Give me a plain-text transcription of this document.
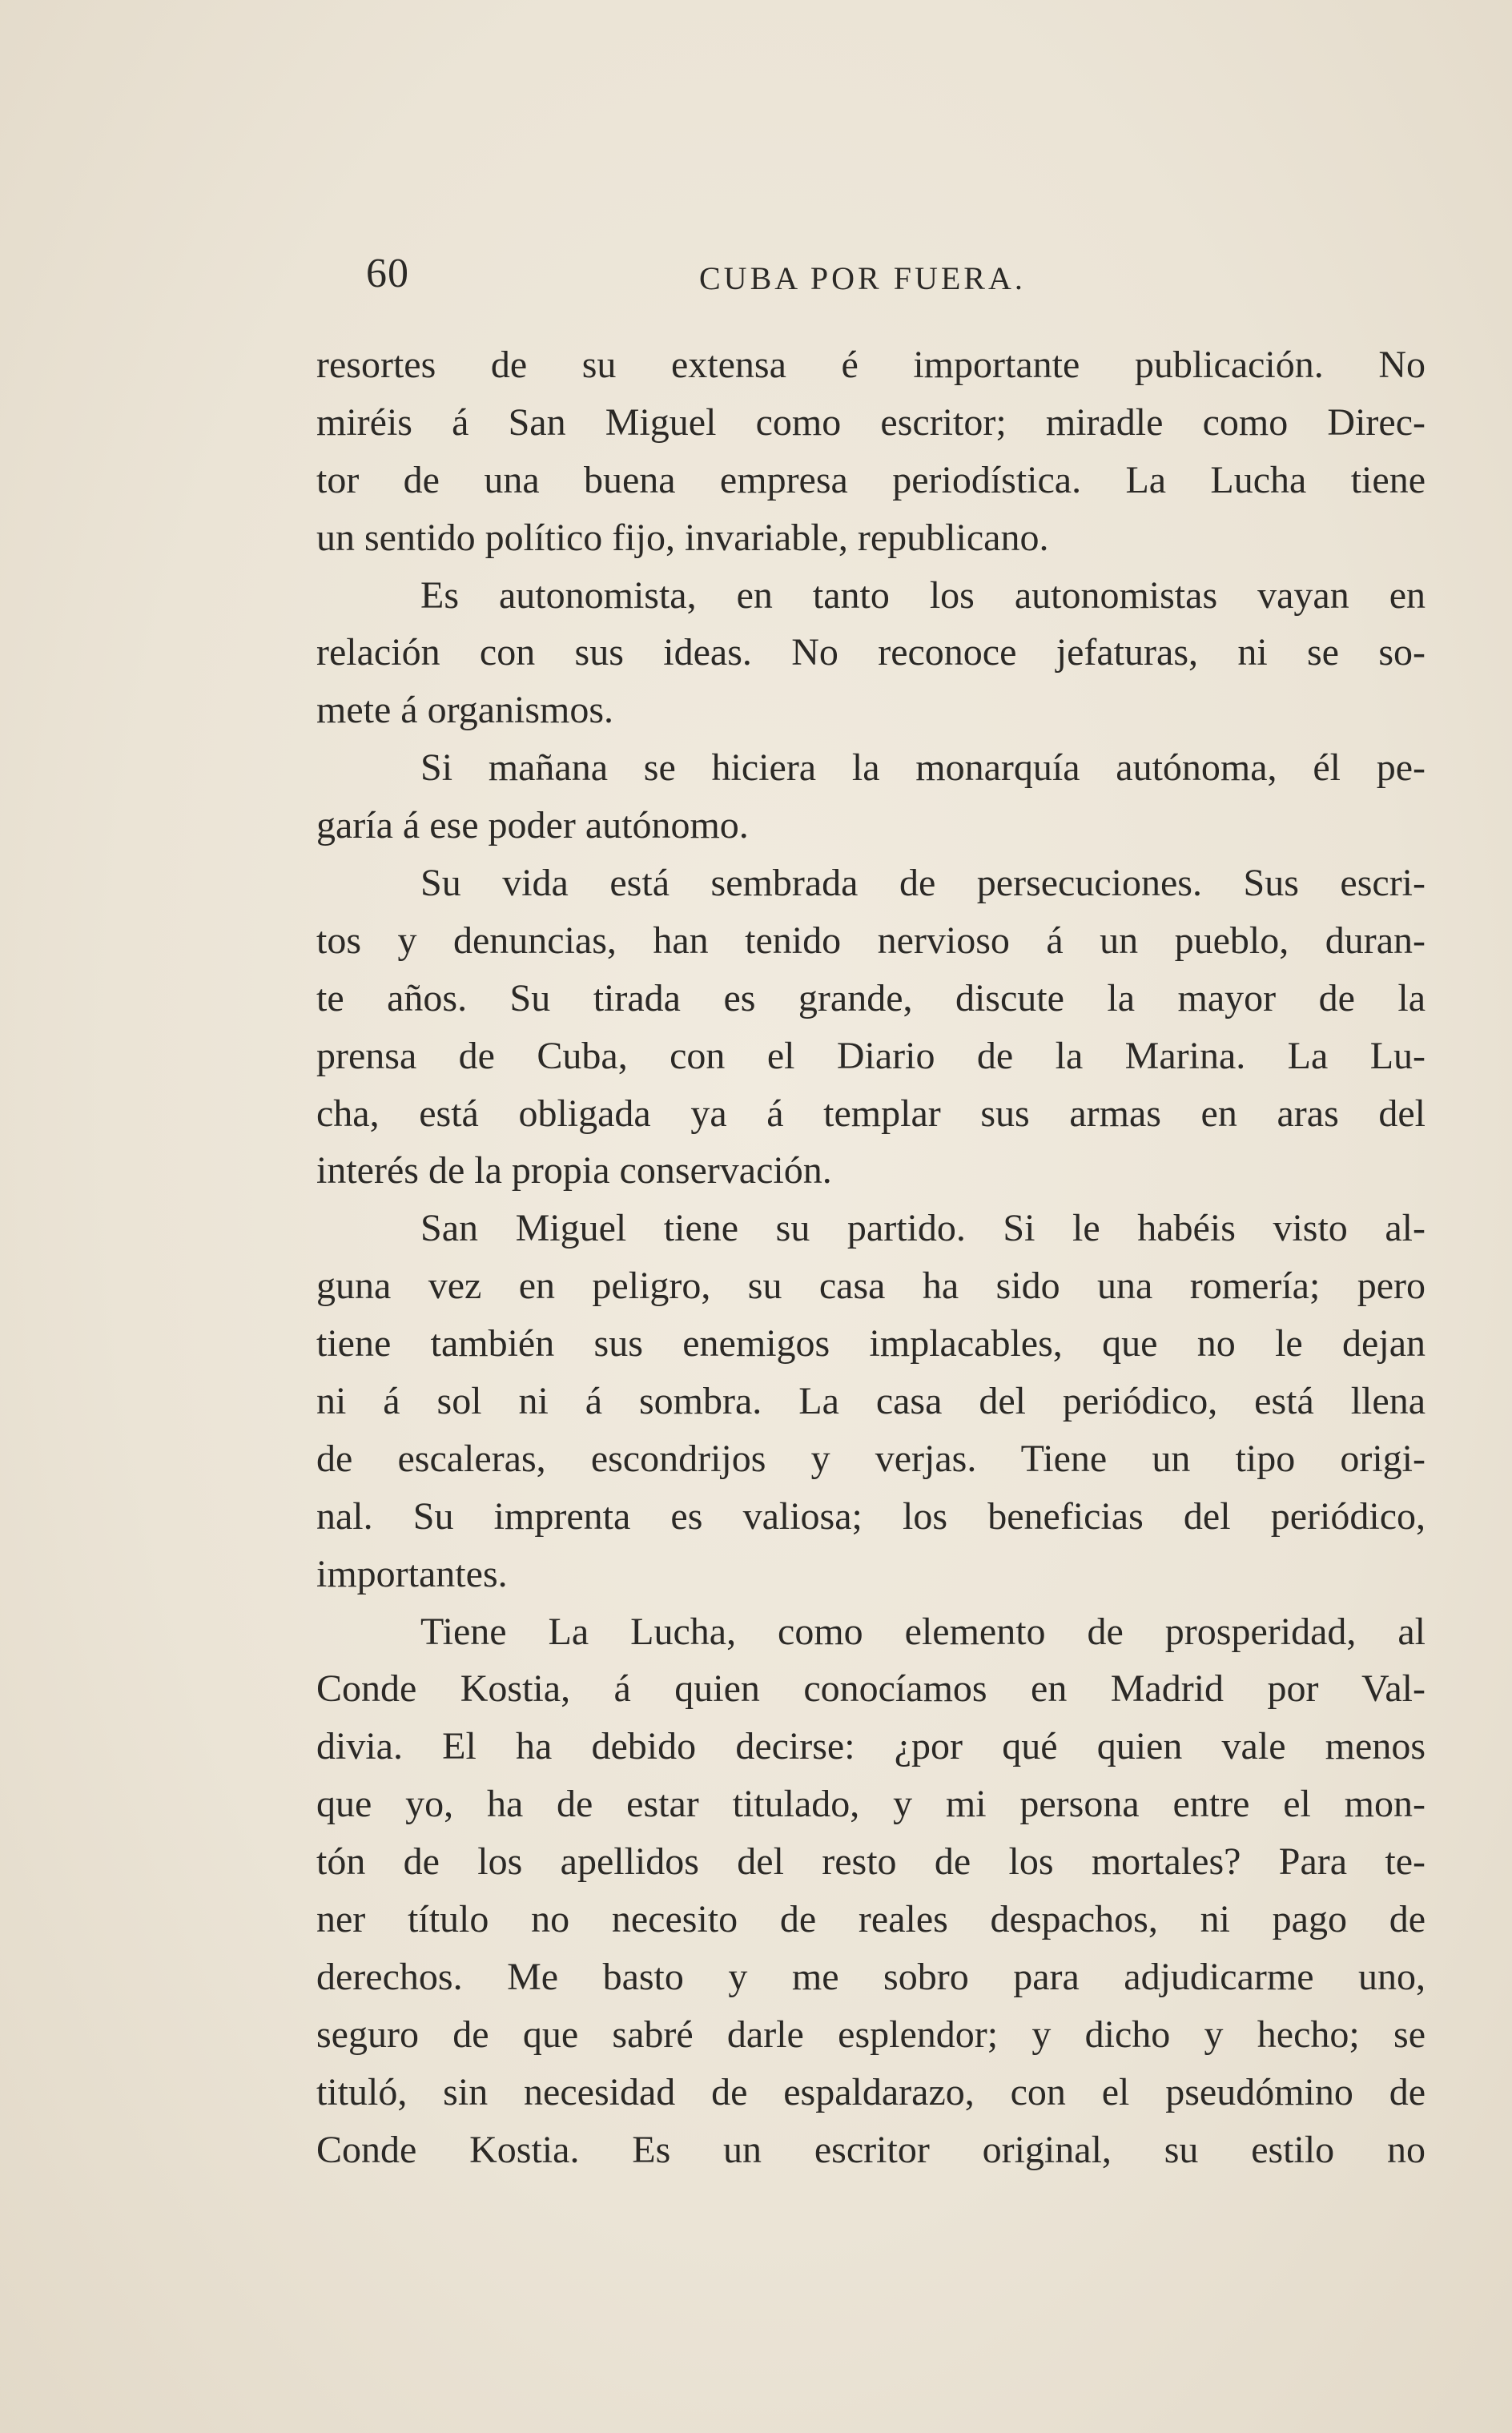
60	CUBA POR FUERA.
resortes de su extensa é importante publicación. No
miréis á San Miguel como escritor; miradle como Direc-
tor de una buena empresa periodística. La Lucha tiene
un sentido político fijo, invariable, republicano.
Es autonomista, en tanto los autonomistas vayan en
relación con sus ideas. No reconoce jefaturas, ni se so-
mete á organismos.
Si mañana se hiciera la monarquía autónoma, él pe-
garía á ese poder autónomo.
Su vida está sembrada de persecuciones. Sus escri-
tos y denuncias, han tenido nervioso á un pueblo, duran-
te años. Su tirada es grande, discute la mayor de la
prensa de Cuba, con el Diario de la Marina. La Lu-
cha, está obligada ya á templar sus armas en aras del
interés de la propia conservación.
San Miguel tiene su partido. Si le habéis visto al-
guna vez en peligro, su casa ha sido una romería; pero
tiene también sus enemigos implacables, que no le dejan
ni á sol ni á sombra. La casa del periódico, está llena
de escaleras, escondrijos y verjas. Tiene un tipo origi-
nal. Su imprenta es valiosa; los beneficias del periódico,
importantes.
Tiene La Lucha, como elemento de prosperidad, al
Conde Kostia, á quien conocíamos en Madrid por Val-
divia. El ha debido decirse: ¿por qué quien vale menos
que yo, ha de estar titulado, y mi persona entre el mon-
tón de los apellidos del resto de los mortales? Para te-
ner título no necesito de reales despachos, ni pago de
derechos. Me basto y me sobro para adjudicarme uno,
seguro de que sabré darle esplendor; y dicho y hecho; se
tituló, sin necesidad de espaldarazo, con el pseudómino de
Conde Kostia. Es un escritor original, su estilo no
